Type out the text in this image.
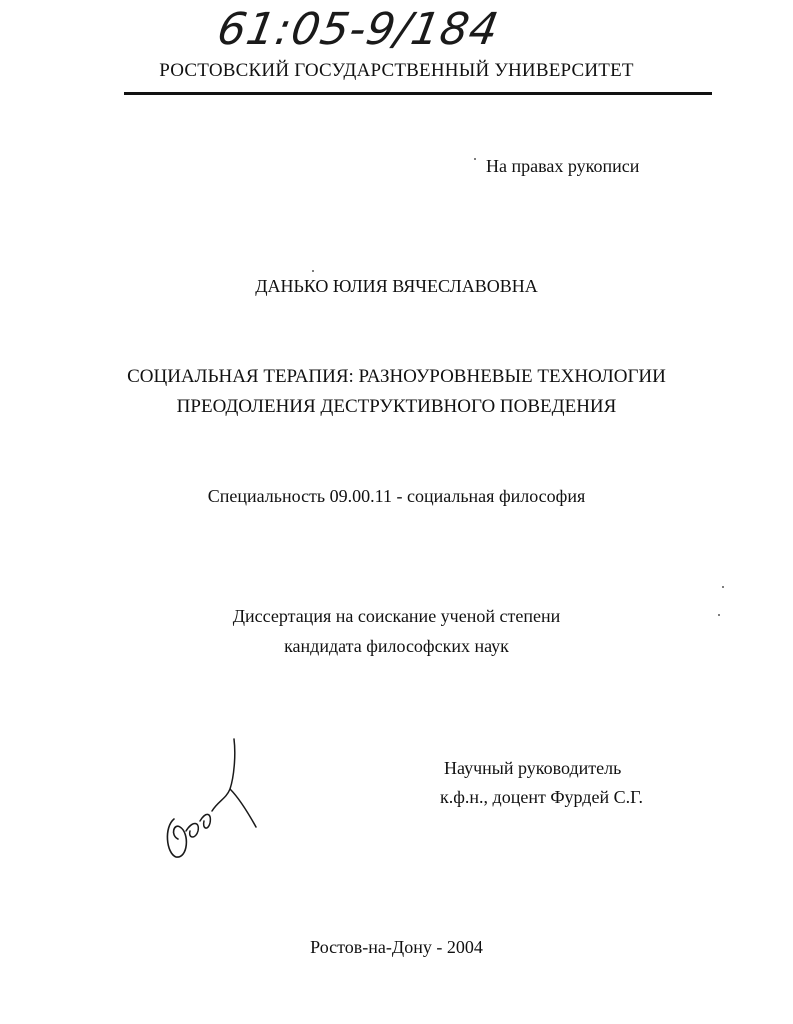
61:05-9/184
РОСТОВСКИЙ ГОСУДАРСТВЕННЫЙ УНИВЕРСИТЕТ
На правах рукописи
ДАНЬКО ЮЛИЯ ВЯЧЕСЛАВОВНА
СОЦИАЛЬНАЯ ТЕРАПИЯ: РАЗНОУРОВНЕВЫЕ ТЕХНОЛОГИИ
ПРЕОДОЛЕНИЯ ДЕСТРУКТИВНОГО ПОВЕДЕНИЯ
Специальность 09.00.11 - социальная философия
Диссертация на соискание ученой степени
кандидата философских наук
Научный руководитель
к.ф.н., доцент Фурдей С.Г.
Ростов-на-Дону - 2004
